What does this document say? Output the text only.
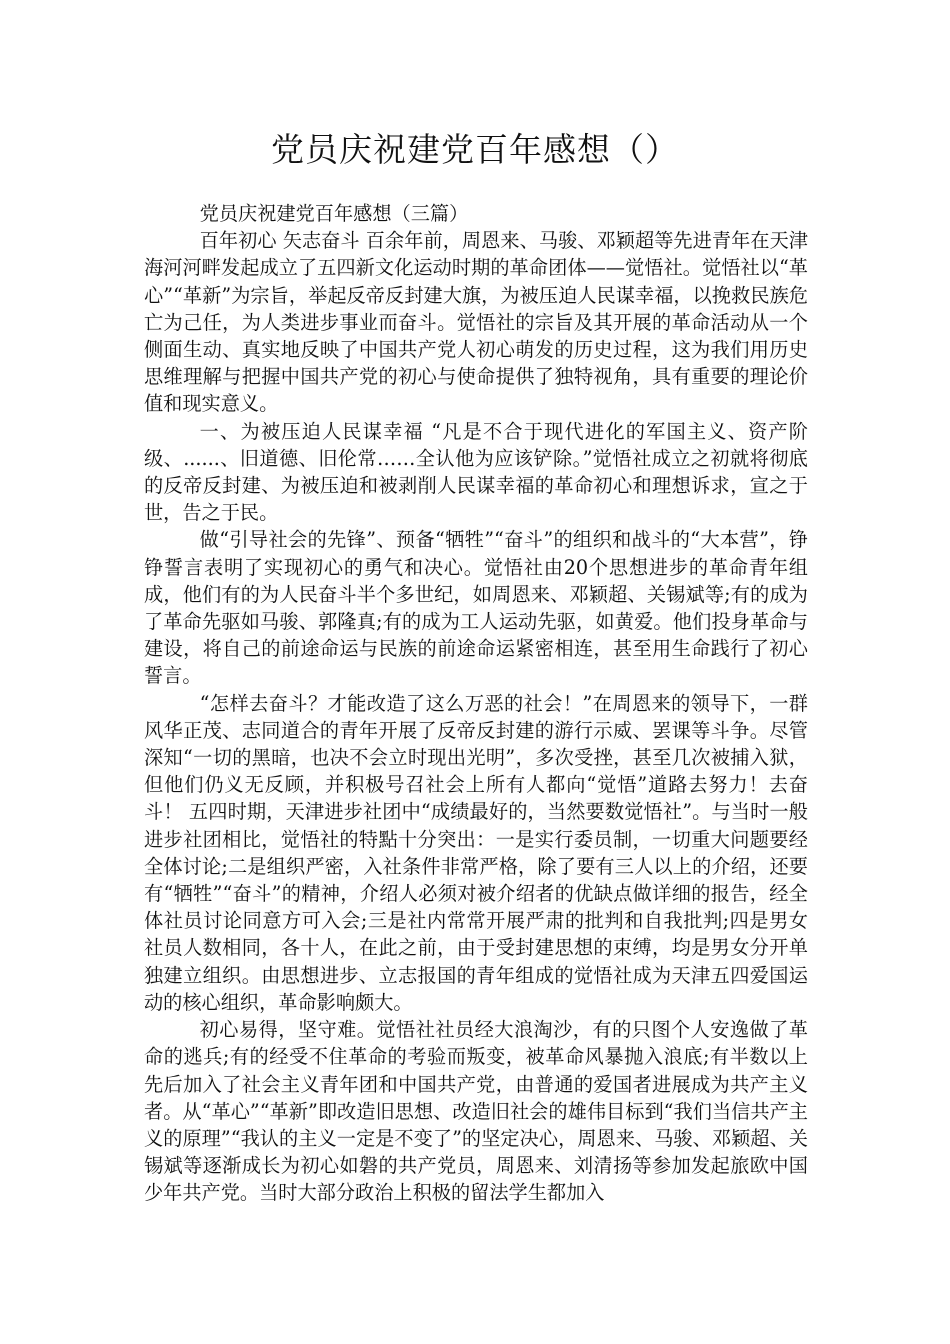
党员庆祝建党百年感想（）

党员庆祝建党百年感想（三篇）

百年初心 矢志奋斗 百余年前，周恩来、马骏、邓颖超等先进青年在天津海河河畔发起成立了五四新文化运动时期的革命团体——觉悟社。觉悟社以“革心”“革新”为宗旨，举起反帝反封建大旗，为被压迫人民谋幸福，以挽救民族危亡为己任，为人类进步事业而奋斗。觉悟社的宗旨及其开展的革命活动从一个侧面生动、真实地反映了中国共产党人初心萌发的历史过程，这为我们用历史思维理解与把握中国共产党的初心与使命提供了独特视角，具有重要的理论价值和现实意义。

一、为被压迫人民谋幸福 “凡是不合于现代进化的军国主义、资产阶级、......、旧道德、旧伦常……全认他为应该铲除。”觉悟社成立之初就将彻底的反帝反封建、为被压迫和被剥削人民谋幸福的革命初心和理想诉求，宣之于世，告之于民。

做“引导社会的先锋”、预备“牺牲”“奋斗”的组织和战斗的“大本营”，铮铮誓言表明了实现初心的勇气和决心。觉悟社由20个思想进步的革命青年组成，他们有的为人民奋斗半个多世纪，如周恩来、邓颖超、关锡斌等;有的成为了革命先驱如马骏、郭隆真;有的成为工人运动先驱，如黄爱。他们投身革命与建设，将自己的前途命运与民族的前途命运紧密相连，甚至用生命践行了初心誓言。

“怎样去奋斗？才能改造了这么万恶的社会！”在周恩来的领导下，一群风华正茂、志同道合的青年开展了反帝反封建的游行示威、罢课等斗争。尽管深知“一切的黑暗，也决不会立时现出光明”，多次受挫，甚至几次被捕入狱，但他们仍义无反顾，并积极号召社会上所有人都向“觉悟”道路去努力！去奋斗！ 五四时期，天津进步社团中“成绩最好的，当然要数觉悟社”。与当时一般进步社团相比，觉悟社的特點十分突出：一是实行委员制，一切重大问题要经全体讨论;二是组织严密，入社条件非常严格，除了要有三人以上的介绍，还要有“牺牲”“奋斗”的精神，介绍人必须对被介绍者的优缺点做详细的报告，经全体社员讨论同意方可入会;三是社内常常开展严肃的批判和自我批判;四是男女社员人数相同，各十人，在此之前，由于受封建思想的束缚，均是男女分开单独建立组织。由思想进步、立志报国的青年组成的觉悟社成为天津五四爱国运动的核心组织，革命影响颇大。

初心易得，坚守难。觉悟社社员经大浪淘沙，有的只图个人安逸做了革命的逃兵;有的经受不住革命的考验而叛变，被革命风暴抛入浪底;有半数以上先后加入了社会主义青年团和中国共产党，由普通的爱国者进展成为共产主义者。从“革心”“革新”即改造旧思想、改造旧社会的雄伟目标到“我们当信共产主义的原理”“我认的主义一定是不变了”的坚定决心，周恩来、马骏、邓颖超、关锡斌等逐渐成长为初心如磐的共产党员，周恩来、刘清扬等参加发起旅欧中国少年共产党。当时大部分政治上积极的留法学生都加入
